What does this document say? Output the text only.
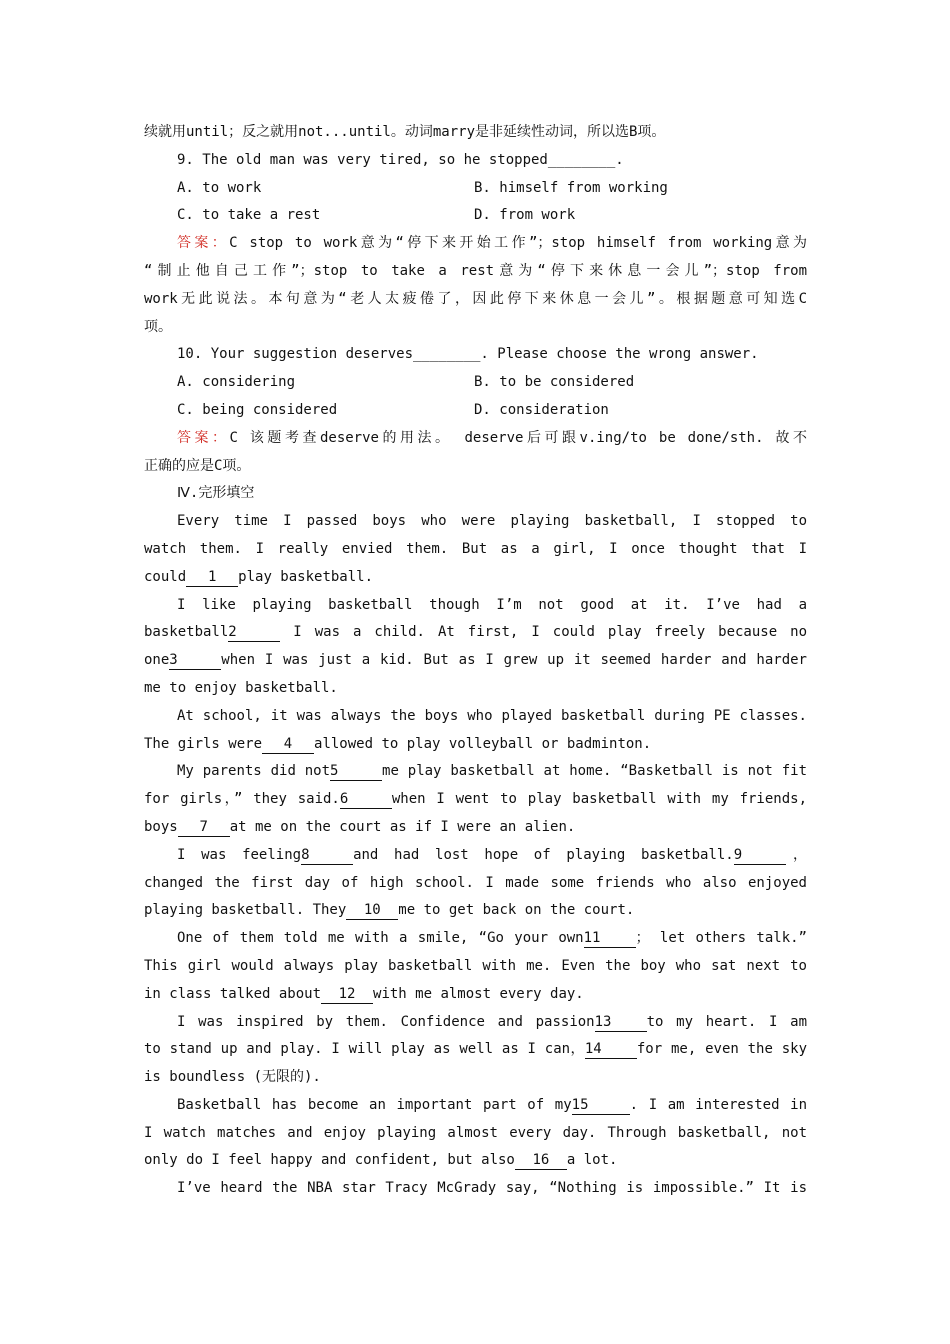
续就用until；反之就用not...until。动词marry是非延续性动词，所以选B项。
9. The old man was very tired, so he stopped________.
A. to work	B. himself from working
C. to take a rest	D. from work
答案：C stop to work意为“停下来开始工作”；stop himself from working意为
“制止他自己工作”；stop to take a rest意为“停下来休息一会儿”；stop from
work无此说法。本句意为“老人太疲倦了，因此停下来休息一会儿”。根据题意可知选C
项。
10. Your suggestion deserves________. Please choose the wrong answer.
A. considering	B. to be considered
C. being considered	D. consideration
答案：C 该题考查deserve的用法。 deserve后可跟v.ing/to be done/sth. 故不
正确的应是C项。
Ⅳ.完形填空
Every time I passed boys who were playing basketball, I stopped to
watch them. I really envied them. But as a girl, I once thought that I
could 1 play basketball.
I like playing basketball though I’m not good at it. I’ve had a
basketball2	I was a child. At first, I could play freely because no
one3	when I was just a kid. But as I grew up it seemed harder and harder
me to enjoy basketball.
At school, it was always the boys who played basketball during PE classes.
The girls were 4 allowed to play volleyball or badminton.
My parents did not5	me play basketball at home. “Basketball is not fit
for girls，” they said.6	when I went to play basketball with my friends,
boys 7 at me on the court as if I were an alien.
I was feeling8	and had lost hope of playing basketball.9	，
changed the first day of high school. I made some friends who also enjoyed
playing basketball. They 10 me to get back on the court.
One of them told me with a smile, “Go your own11	； let others talk.”
This girl would always play basketball with me. Even the boy who sat next to
in class talked about 12 with me almost every day.
I was inspired by them. Confidence and passion13	to my heart. I am
to stand up and play. I will play as well as I can，14	for me, even the sky
is boundless (无限的).
Basketball has become an important part of my15	. I am interested in
I watch matches and enjoy playing almost every day. Through basketball, not
only do I feel happy and confident, but also 16 a lot.
I’ve heard the NBA star Tracy McGrady say, “Nothing is impossible.” It is
